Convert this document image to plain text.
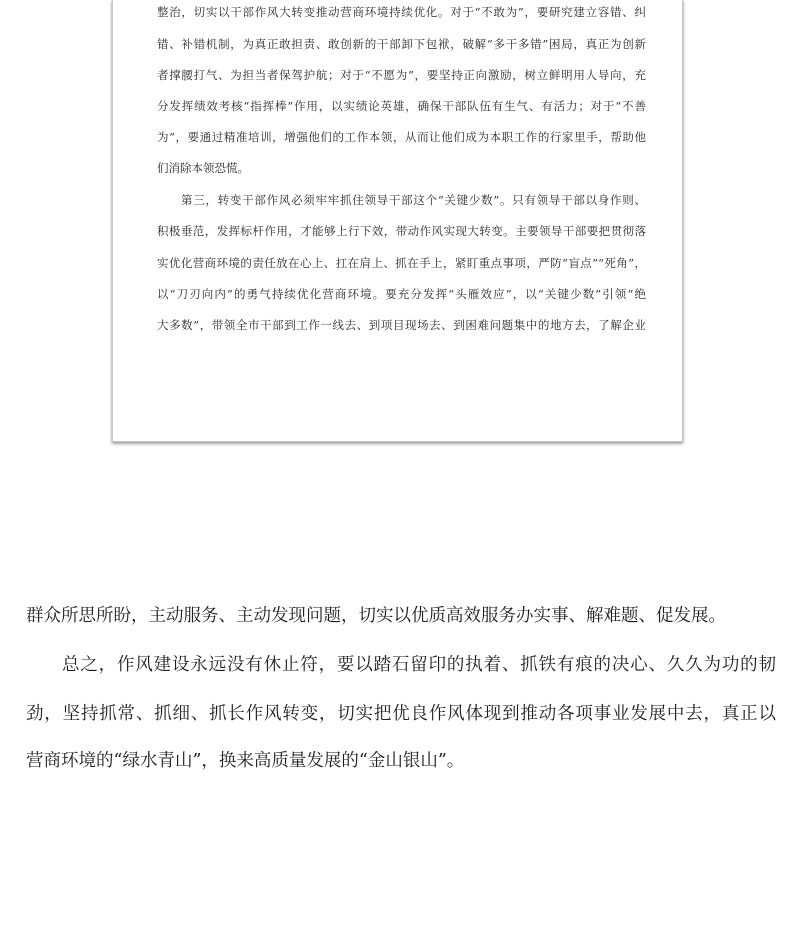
整治，切实以干部作风大转变推动营商环境持续优化。对于“不敢为”，要研究建立容错、纠
错、补错机制，为真正敢担责、敢创新的干部卸下包袱，破解“多干多错”困局，真正为创新
者撑腰打气、为担当者保驾护航；对于“不愿为”，要坚持正向激励，树立鲜明用人导向，充
分发挥绩效考核“指挥棒”作用，以实绩论英雄，确保干部队伍有生气、有活力；对于“不善
为”，要通过精准培训，增强他们的工作本领，从而让他们成为本职工作的行家里手，帮助他
们消除本领恐慌。
第三，转变干部作风必须牢牢抓住领导干部这个“关键少数”。只有领导干部以身作则、
积极垂范，发挥标杆作用，才能够上行下效，带动作风实现大转变。主要领导干部要把贯彻落
实优化营商环境的责任放在心上、扛在肩上、抓在手上，紧盯重点事项，严防“盲点”“死角”，
以“刀刃向内”的勇气持续优化营商环境。要充分发挥“头雁效应”，以“关键少数”引领“绝
大多数”，带领全市干部到工作一线去、到项目现场去、到困难问题集中的地方去，了解企业
群众所思所盼，主动服务、主动发现问题，切实以优质高效服务办实事、解难题、促发展。
总之，作风建设永远没有休止符，要以踏石留印的执着、抓铁有痕的决心、久久为功的韧
劲，坚持抓常、抓细、抓长作风转变，切实把优良作风体现到推动各项事业发展中去，真正以
营商环境的“绿水青山”，换来高质量发展的“金山银山”。
